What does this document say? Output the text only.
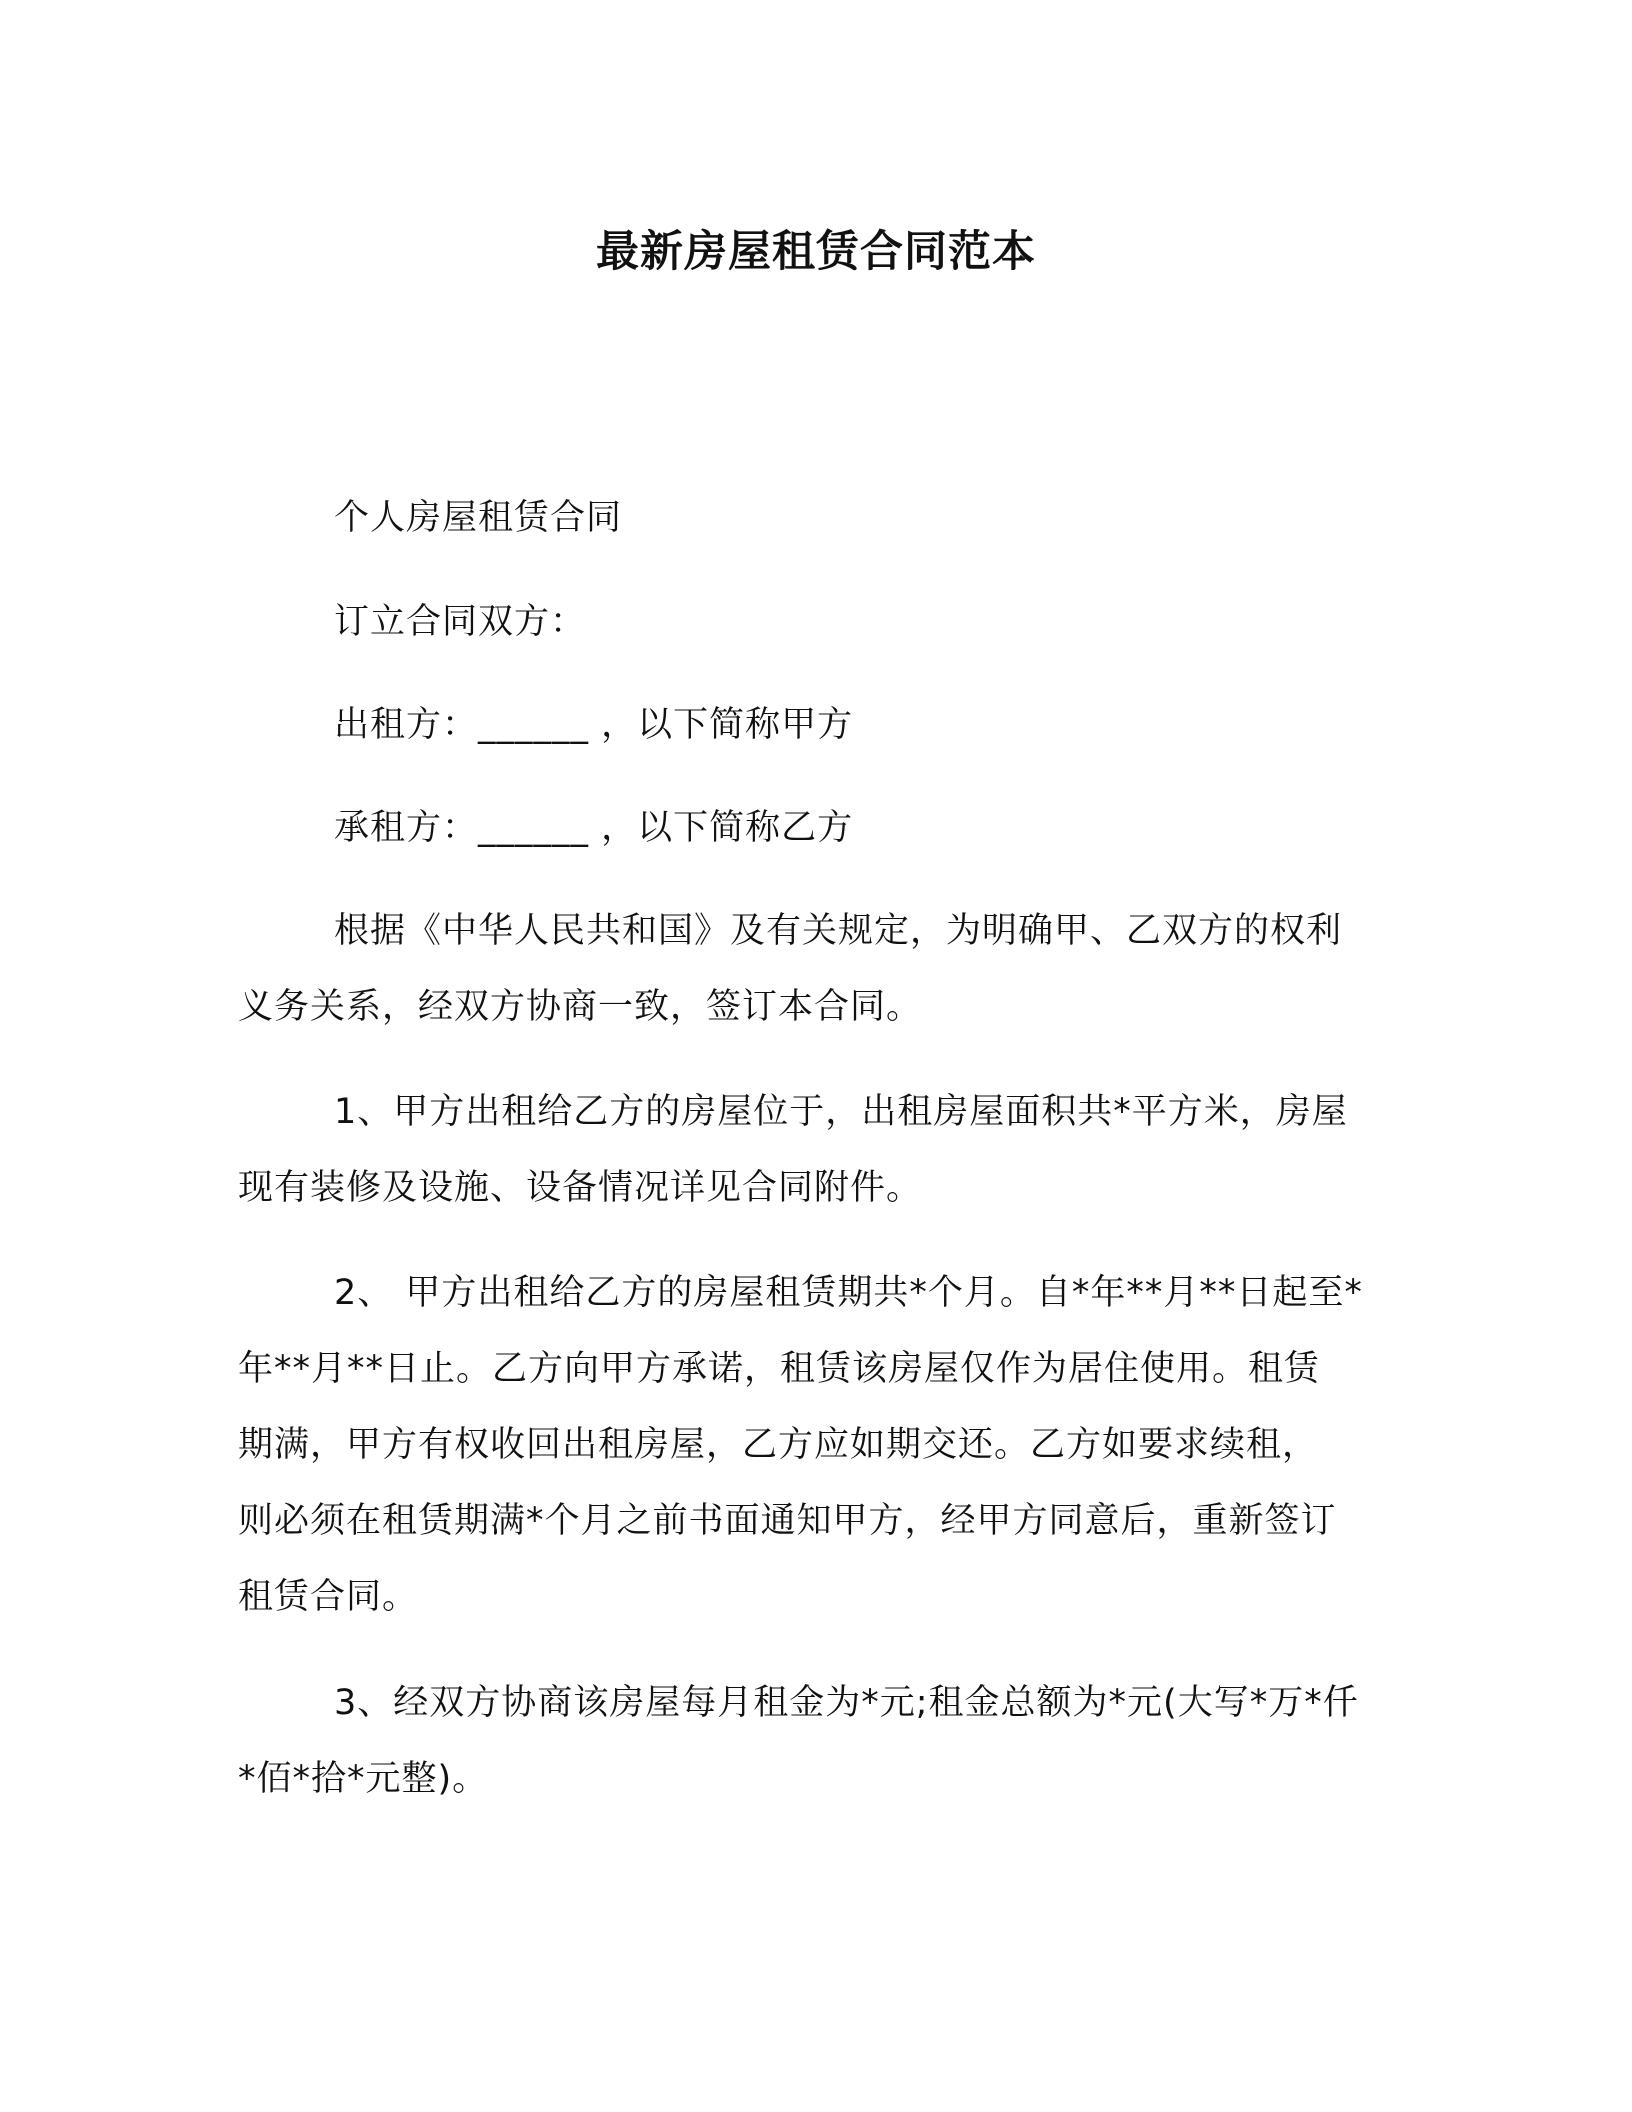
最新房屋租赁合同范本
个人房屋租赁合同
订立合同双方：
出租方：______ ，以下简称甲方
承租方：______ ，以下简称乙方
根据《中华人民共和国》及有关规定，为明确甲、乙双方的权利
义务关系，经双方协商一致，签订本合同。
1、甲方出租给乙方的房屋位于，出租房屋面积共*平方米，房屋
现有装修及设施、设备情况详见合同附件。
2、 甲方出租给乙方的房屋租赁期共*个月。自*年**月**日起至*
年**月**日止。乙方向甲方承诺，租赁该房屋仅作为居住使用。租赁
期满，甲方有权收回出租房屋，乙方应如期交还。乙方如要求续租，
则必须在租赁期满*个月之前书面通知甲方，经甲方同意后，重新签订
租赁合同。
3、经双方协商该房屋每月租金为*元;租金总额为*元(大写*万*仟
*佰*拾*元整)。
